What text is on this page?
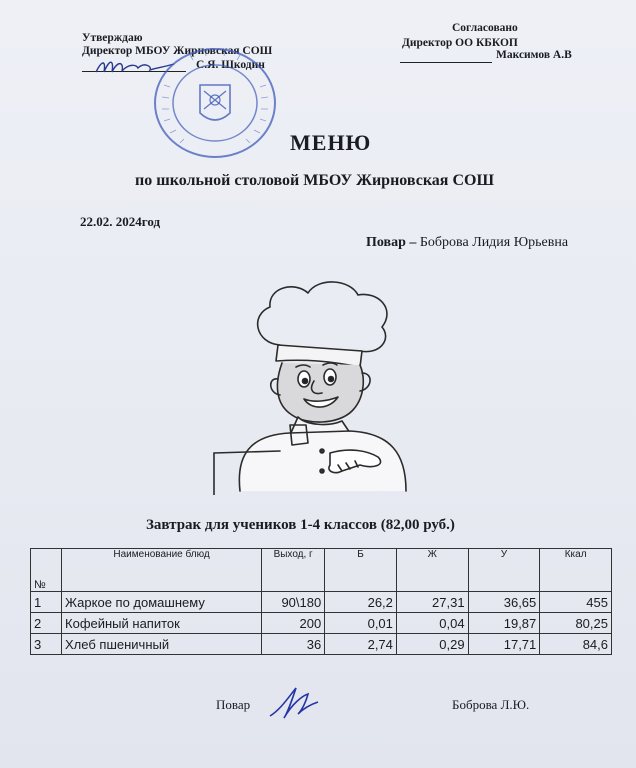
Утверждаю
Директор МБОУ Жирновская СОШ
С.Я. Шкодин
Согласовано
Директор ОО КБКОП
Максимов А.В
МЕНЮ
по школьной столовой МБОУ Жирновская СОШ
22.02. 2024год
Повар – Боброва Лидия Юрьевна
Завтрак для учеников 1-4 классов (82,00 руб.)
№	Наименование блюд	Выход, г	Б	Ж	У	Ккал
1	Жаркое по домашнему	90\180	26,2	27,31	36,65	455
2	Кофейный напиток	200	0,01	0,04	19,87	80,25
3	Хлеб пшеничный	36	2,74	0,29	17,71	84,6
Повар	Боброва Л.Ю.
